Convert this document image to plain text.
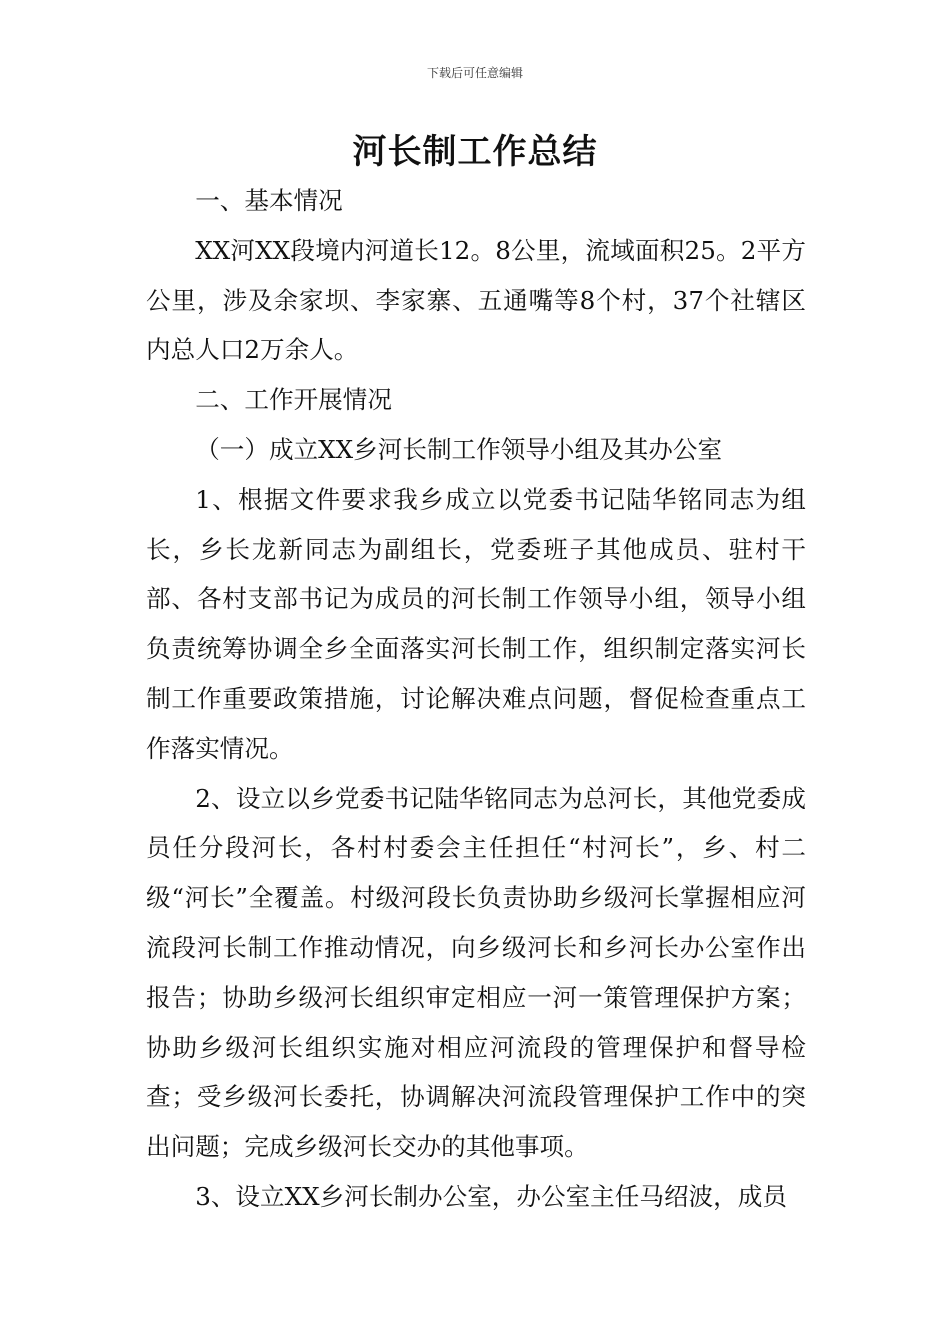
下载后可任意编辑
河长制工作总结

一、基本情况

XX河XX段境内河道长12。8公里，流域面积25。2平方公里，涉及余家坝、李家寨、五通嘴等8个村，37个社辖区内总人口2万余人。

二、工作开展情况

（一）成立XX乡河长制工作领导小组及其办公室

1、根据文件要求我乡成立以党委书记陆华铭同志为组长，乡长龙新同志为副组长，党委班子其他成员、驻村干部、各村支部书记为成员的河长制工作领导小组，领导小组负责统筹协调全乡全面落实河长制工作，组织制定落实河长制工作重要政策措施，讨论解决难点问题，督促检查重点工作落实情况。

2、设立以乡党委书记陆华铭同志为总河长，其他党委成员任分段河长，各村村委会主任担任“村河长”，乡、村二级“河长”全覆盖。村级河段长负责协助乡级河长掌握相应河流段河长制工作推动情况，向乡级河长和乡河长办公室作出报告；协助乡级河长组织审定相应一河一策管理保护方案；协助乡级河长组织实施对相应河流段的管理保护和督导检查；受乡级河长委托，协调解决河流段管理保护工作中的突出问题；完成乡级河长交办的其他事项。

3、设立XX乡河长制办公室，办公室主任马绍波，成员
